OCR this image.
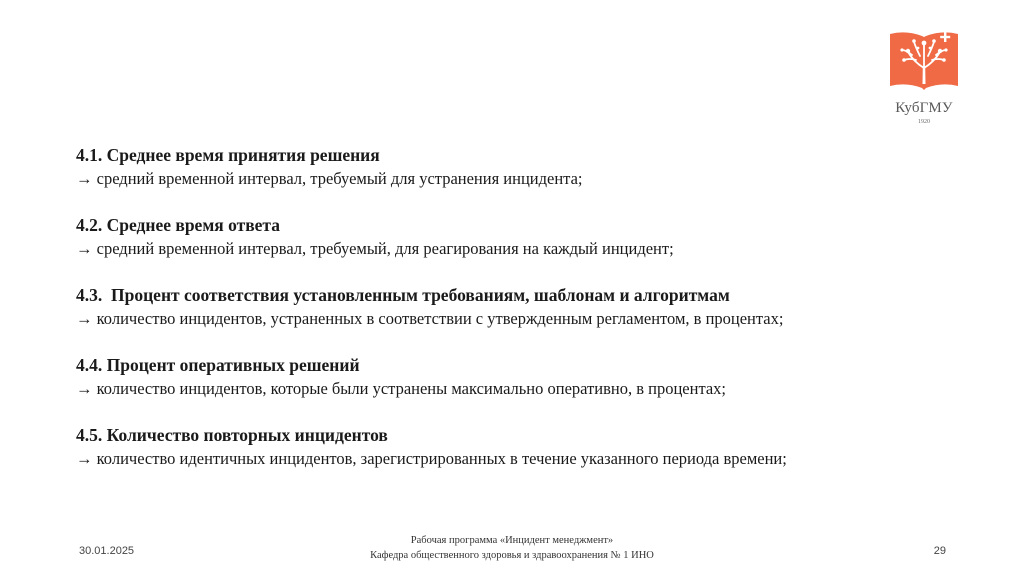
КубГМУ
1920
4.1. Среднее время принятия решения
→ средний временной интервал, требуемый для устранения инцидента;
4.2. Среднее время ответа
→ средний временной интервал, требуемый, для реагирования на каждый инцидент;
4.3.  Процент соответствия установленным требованиям, шаблонам и алгоритмам
→ количество инцидентов, устраненных в соответствии с утвержденным регламентом, в процентах;
4.4. Процент оперативных решений
→ количество инцидентов, которые были устранены максимально оперативно, в процентах;
4.5. Количество повторных инцидентов
→ количество идентичных инцидентов, зарегистрированных в течение указанного периода времени;
30.01.2025
Рабочая программа «Инцидент менеджмент»
Кафедра общественного здоровья и здравоохранения № 1 ИНО	29
